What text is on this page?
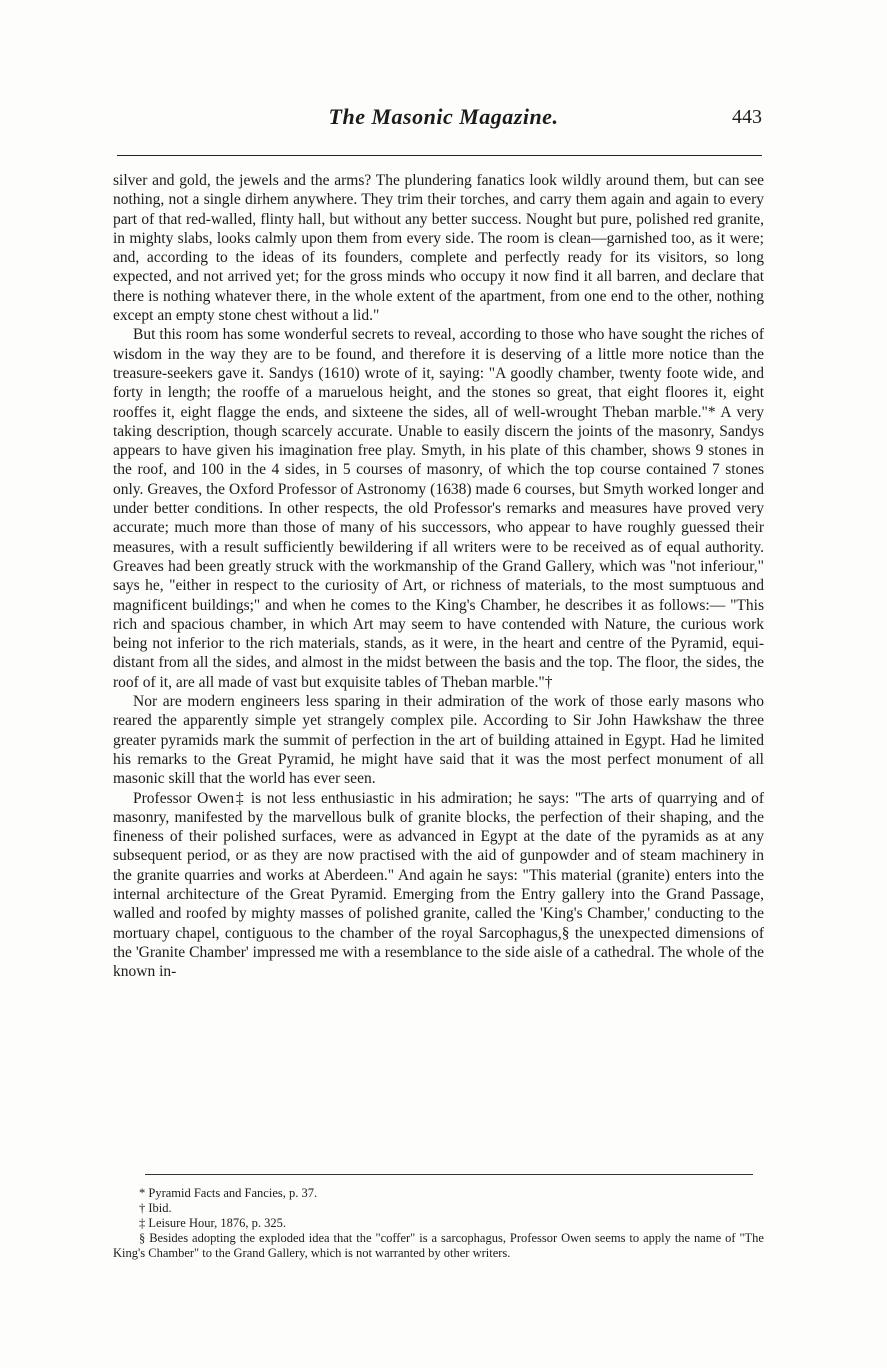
The Masonic Magazine.	443

silver and gold, the jewels and the arms? The plundering fanatics look wildly around them, but can see nothing, not a single dirhem anywhere. They trim their torches, and carry them again and again to every part of that red-walled, flinty hall, but without any better success. Nought but pure, polished red granite, in mighty slabs, looks calmly upon them from every side. The room is clean—garnished too, as it were; and, according to the ideas of its founders, complete and perfectly ready for its visitors, so long expected, and not arrived yet; for the gross minds who occupy it now find it all barren, and declare that there is nothing whatever there, in the whole extent of the apartment, from one end to the other, nothing except an empty stone chest without a lid."

But this room has some wonderful secrets to reveal, according to those who have sought the riches of wisdom in the way they are to be found, and therefore it is deserving of a little more notice than the treasure-seekers gave it. Sandys (1610) wrote of it, saying: "A goodly chamber, twenty foote wide, and forty in length; the rooffe of a maruelous height, and the stones so great, that eight floores it, eight rooffes it, eight flagge the ends, and sixteene the sides, all of well-wrought Theban marble."* A very taking description, though scarcely accurate. Unable to easily discern the joints of the masonry, Sandys appears to have given his imagination free play. Smyth, in his plate of this chamber, shows 9 stones in the roof, and 100 in the 4 sides, in 5 courses of masonry, of which the top course contained 7 stones only. Greaves, the Oxford Professor of Astronomy (1638) made 6 courses, but Smyth worked longer and under better conditions. In other respects, the old Professor's remarks and measures have proved very accurate; much more than those of many of his successors, who appear to have roughly guessed their measures, with a result sufficiently bewildering if all writers were to be received as of equal authority. Greaves had been greatly struck with the workmanship of the Grand Gallery, which was "not inferiour," says he, "either in respect to the curiosity of Art, or richness of materials, to the most sumptuous and magnificent buildings;" and when he comes to the King's Chamber, he describes it as follows:— "This rich and spacious chamber, in which Art may seem to have contended with Nature, the curious work being not inferior to the rich materials, stands, as it were, in the heart and centre of the Pyramid, equi-distant from all the sides, and almost in the midst between the basis and the top. The floor, the sides, the roof of it, are all made of vast but exquisite tables of Theban marble."†

Nor are modern engineers less sparing in their admiration of the work of those early masons who reared the apparently simple yet strangely complex pile. According to Sir John Hawkshaw the three greater pyramids mark the summit of perfection in the art of building attained in Egypt. Had he limited his remarks to the Great Pyramid, he might have said that it was the most perfect monument of all masonic skill that the world has ever seen.

Professor Owen‡ is not less enthusiastic in his admiration; he says: "The arts of quarrying and of masonry, manifested by the marvellous bulk of granite blocks, the perfection of their shaping, and the fineness of their polished surfaces, were as advanced in Egypt at the date of the pyramids as at any subsequent period, or as they are now practised with the aid of gunpowder and of steam machinery in the granite quarries and works at Aberdeen." And again he says: "This material (granite) enters into the internal architecture of the Great Pyramid. Emerging from the Entry gallery into the Grand Passage, walled and roofed by mighty masses of polished granite, called the 'King's Chamber,' conducting to the mortuary chapel, contiguous to the chamber of the royal Sarcophagus,§ the unexpected dimensions of the 'Granite Chamber' impressed me with a resemblance to the side aisle of a cathedral. The whole of the known in-

* Pyramid Facts and Fancies, p. 37.

† Ibid.

‡ Leisure Hour, 1876, p. 325.

§ Besides adopting the exploded idea that the "coffer" is a sarcophagus, Professor Owen seems to apply the name of "The King's Chamber" to the Grand Gallery, which is not warranted by other writers.
